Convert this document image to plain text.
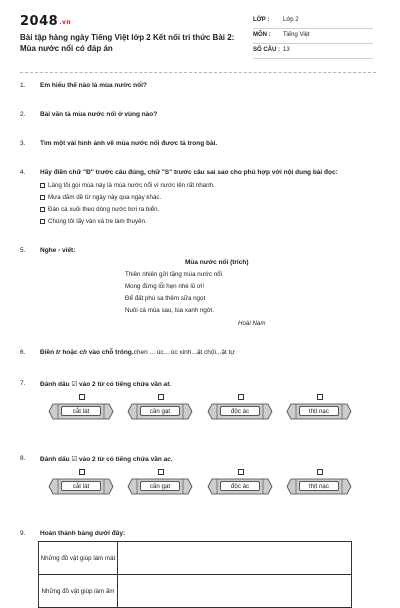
2048.vn
Bài tập hàng ngày Tiếng Việt lớp 2 Kết nối tri thức Bài 2: Mùa nước nổi có đáp án
LỚP : Lớp 2
MÔN : Tiếng Việt
SỐ CÂU : 13
1. Em hiểu thế nào là mùa nước nổi?
2. Bài văn tả mùa nước nổi ở vùng nào?
3. Tìm một vài hình ảnh về mùa nước nổi được tả trong bài.
4. Hãy điền chữ "Đ" trước câu đúng, chữ "S" trước câu sai sao cho phù hợp với nội dung bài đọc:
Làng tôi gọi mùa này là mùa nước nổi vì nước lên rất nhanh.
Mưa dầm dề từ ngày này qua ngày khác.
Đàn cá xuôi theo dòng nước bơi ra biển.
Chúng tôi lấy ván và tre làm thuyền.
5. Nghe - viết:
Mùa nước nổi (trích)
Thiên nhiên gửi tặng mùa nước nổi
Mong đừng lỗi hẹn nhé lũ ơi!
Để đất phù sa thêm sữa ngọt
Nuôi cá mùa sau, lúa xanh ngời.
Hoài Nam
6. Điền tr hoặc ch vào chỗ trống.chen ... úc... úc xinh...ật chội...ật tự
7. Đánh dấu ☑ vào 2 từ có tiếng chứa vần at.
cắt lát	cần gạt	độc ác	thịt nạc
8. Đánh dấu ☑ vào 2 từ có tiếng chứa vần ac.
cắt lát	cần gạt	độc ác	thịt nạc
9. Hoàn thành bảng dưới đây:
Những đồ vật giúp làm mát	
Những đồ vật giúp làm ấm	
